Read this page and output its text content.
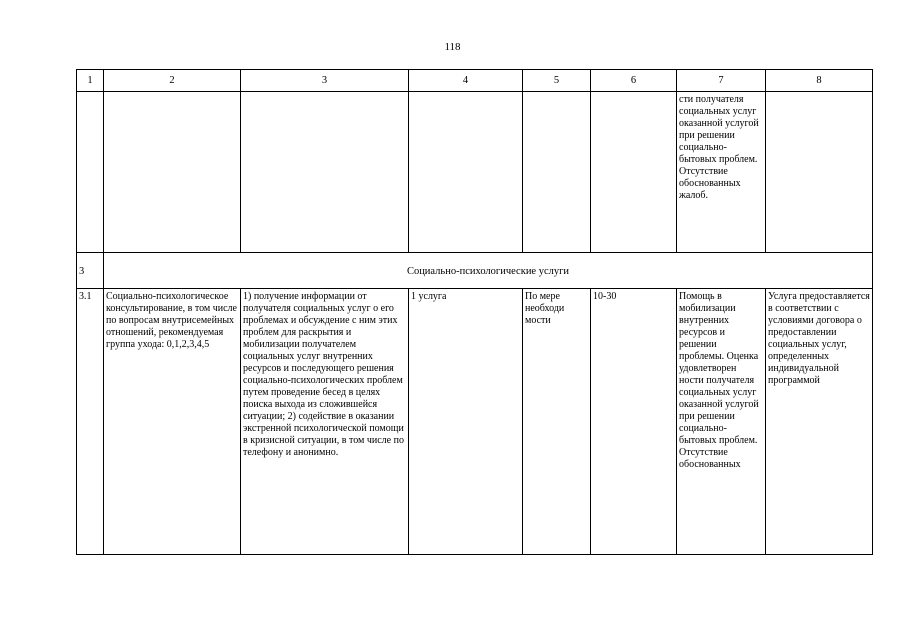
118
1	2	3	4	5	6	7	8
						сти получателя социальных услуг оказанной услугой при решении социально-бытовых проблем. Отсутствие обоснованных жалоб.	
3	Социально-психологические услуги						
3.1	Социально-психологическое консультирование, в том числе по вопросам внутрисемейных отношений, рекомендуемая группа ухода: 0,1,2,3,4,5	1) получение информации от получателя социальных услуг о его проблемах и обсуждение с ним этих проблем для раскрытия и мобилизации получателем социальных услуг внутренних ресурсов и последующего решения социально-психологических проблем путем проведение бесед в целях поиска выхода из сложившейся ситуации; 2) содействие в оказании экстренной психологической помощи в кризисной ситуации, в том числе по телефону и анонимно.	1 услуга	По мере необходи мости	10-30	Помощь в мобилизации внутренних ресурсов и решении проблемы. Оценка удовлетворен ности получателя социальных услуг оказанной услугой при решении социально-бытовых проблем. Отсутствие обоснованных	Услуга предоставляется в соответствии с условиями договора о предоставлении социальных услуг, определенных индивидуальной программой
